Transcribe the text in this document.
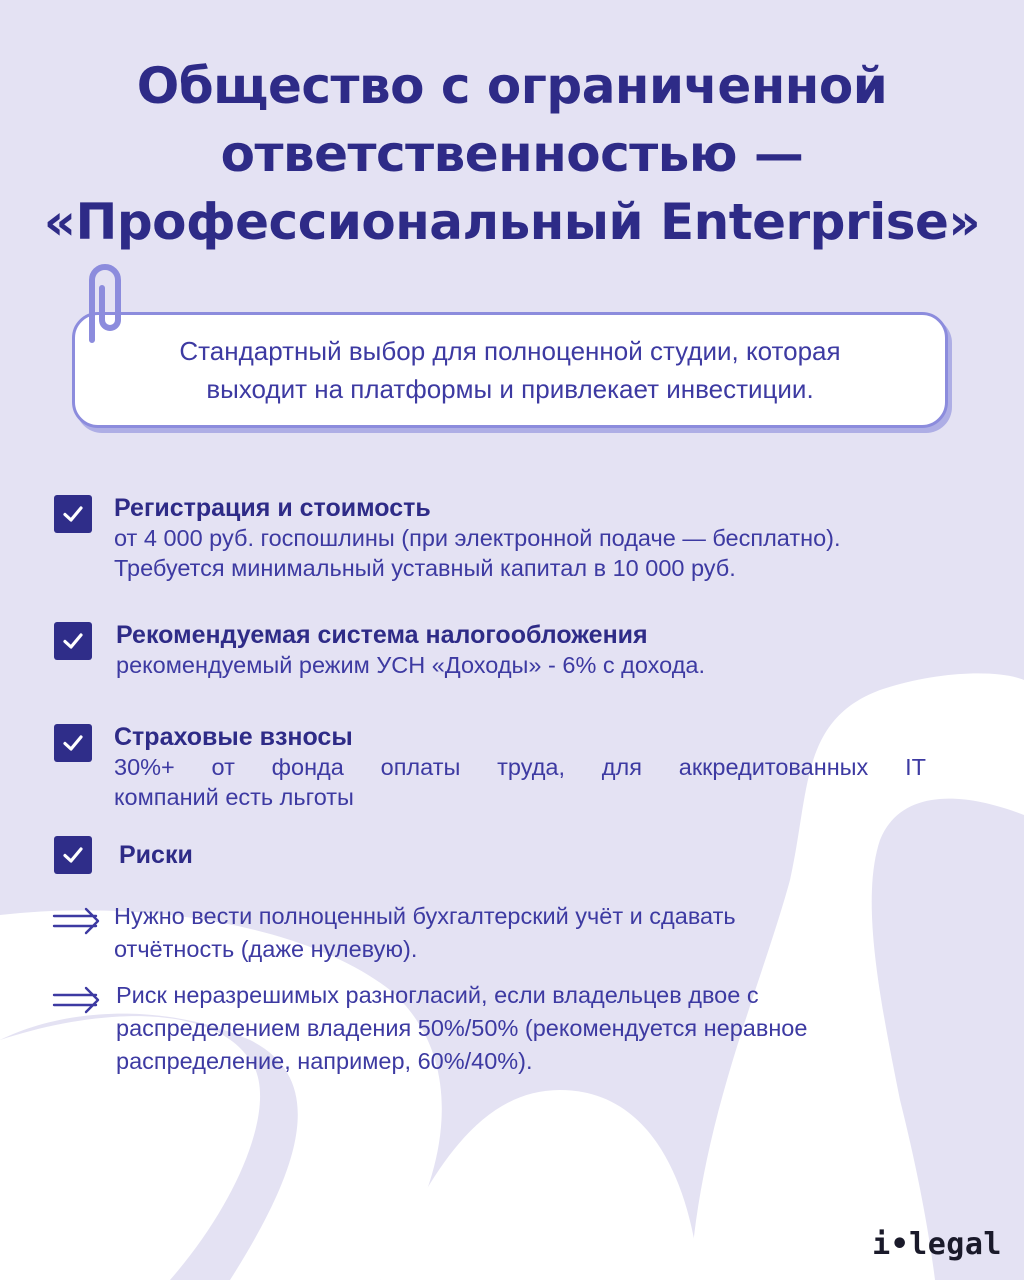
Общество с ограниченной
ответственностью —
«Профессиональный Enterprise»

Стандартный выбор для полноценной студии, которая
выходит на платформы и привлекает инвестиции.

Регистрация и стоимость
от 4 000 руб. госпошлины (при электронной подаче — бесплатно).
Требуется минимальный уставный капитал в 10 000 руб.
Рекомендуемая система налогообложения
рекомендуемый режим УСН «Доходы» - 6% с дохода.
Страховые взносы
30%+ от фонда оплаты труда, для аккредитованных IT
компаний есть льготы
Риски
Нужно вести полноценный бухгалтерский учёт и сдавать
отчётность (даже нулевую).
Риск неразрешимых разногласий, если владельцев двое с
распределением владения 50%/50% (рекомендуется неравное
распределение, например, 60%/40%).
i•legal
